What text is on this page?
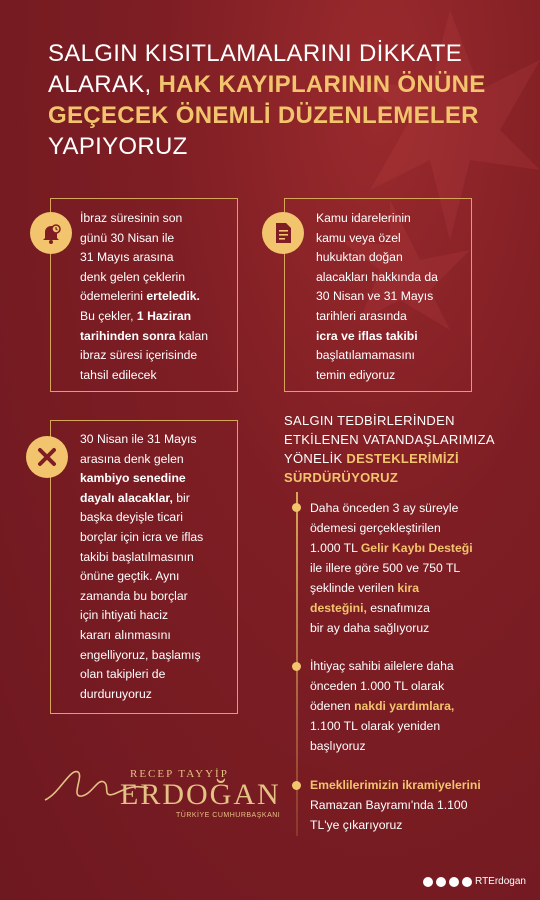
SALGIN KISITLAMALARINI DİKKATE
ALARAK, HAK KAYIPLARININ ÖNÜNE
GEÇECEK ÖNEMLİ DÜZENLEMELER
YAPIYORUZ
İbraz süresinin son
günü 30 Nisan ile
31 Mayıs arasına
denk gelen çeklerin
ödemelerini erteledik.
Bu çekler, 1 Haziran
tarihinden sonra kalan
ibraz süresi içerisinde
tahsil edilecek
Kamu idarelerinin
kamu veya özel
hukuktan doğan
alacakları hakkında da
30 Nisan ve 31 Mayıs
tarihleri arasında
icra ve iflas takibi
başlatılamamasını
temin ediyoruz
30 Nisan ile 31 Mayıs
arasına denk gelen
kambiyo senedine
dayalı alacaklar, bir
başka deyişle ticari
borçlar için icra ve iflas
takibi başlatılmasının
önüne geçtik. Aynı
zamanda bu borçlar
için ihtiyati haciz
kararı alınmasını
engelliyoruz, başlamış
olan takipleri de
durduruyoruz
SALGIN TEDBİRLERİNDEN
ETKİLENEN VATANDAŞLARIMIZA
YÖNELİK DESTEKLERİMİZİ
SÜRDÜRÜYORUZ
Daha önceden 3 ay süreyle
ödemesi gerçekleştirilen
1.000 TL Gelir Kaybı Desteği
ile illere göre 500 ve 750 TL
şeklinde verilen kira
desteğini, esnafımıza
bir ay daha sağlıyoruz
İhtiyaç sahibi ailelere daha
önceden 1.000 TL olarak
ödenen nakdi yardımlara,
1.100 TL olarak yeniden
başlıyoruz
Emeklilerimizin ikramiyelerini
Ramazan Bayramı'nda 1.100
TL'ye çıkarıyoruz
RECEP TAYYİP
ERDOĞAN
TÜRKİYE CUMHURBAŞKANI
RTErdogan
